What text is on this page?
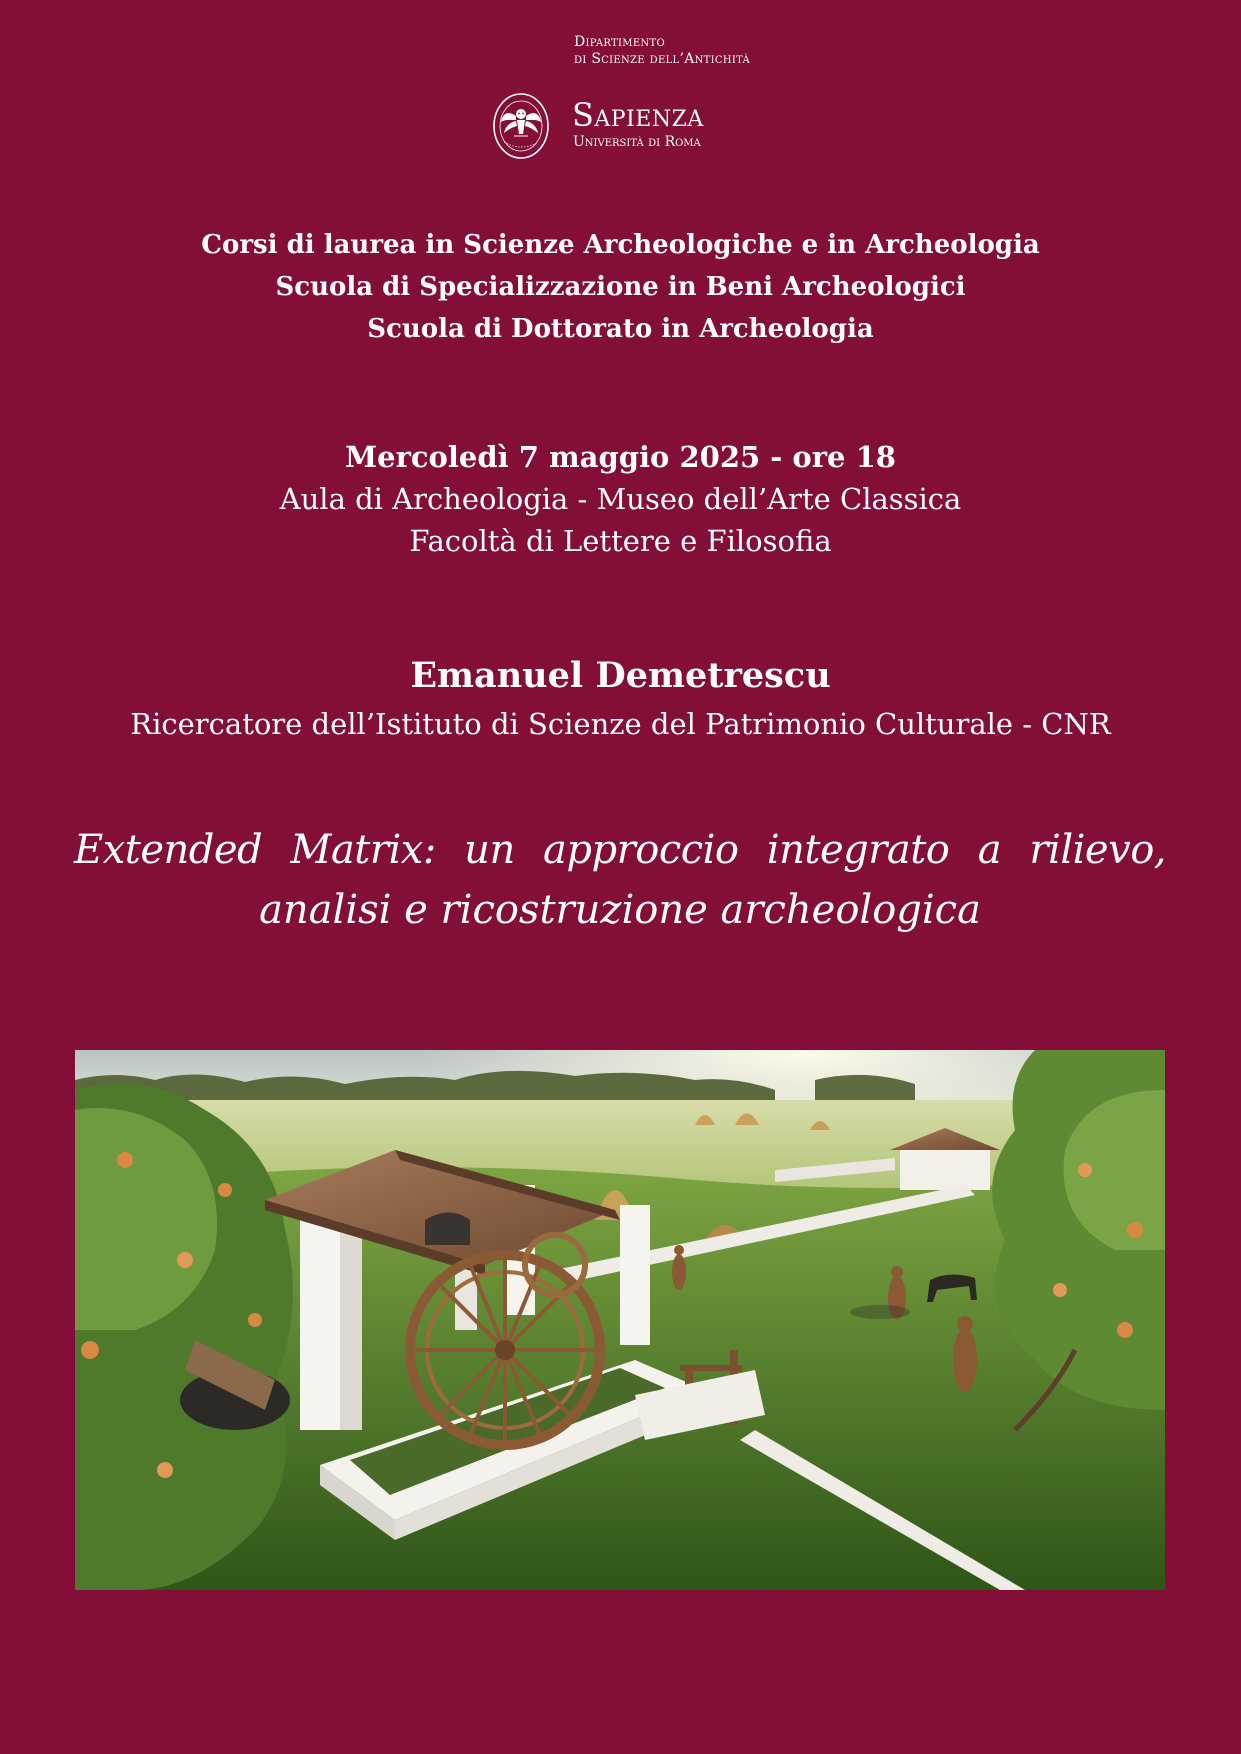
Dipartimento
di Scienze dell’Antichità
Sapienza
Università di Roma
Corsi di laurea in Scienze Archeologiche e in Archeologia
Scuola di Specializzazione in Beni Archeologici
Scuola di Dottorato in Archeologia
Mercoledì 7 maggio 2025 - ore 18
Aula di Archeologia - Museo dell’Arte Classica
Facoltà di Lettere e Filosofia
Emanuel Demetrescu
Ricercatore dell’Istituto di Scienze del Patrimonio Culturale - CNR
Extended Matrix: un approccio integrato a rilievo,
analisi e ricostruzione archeologica
